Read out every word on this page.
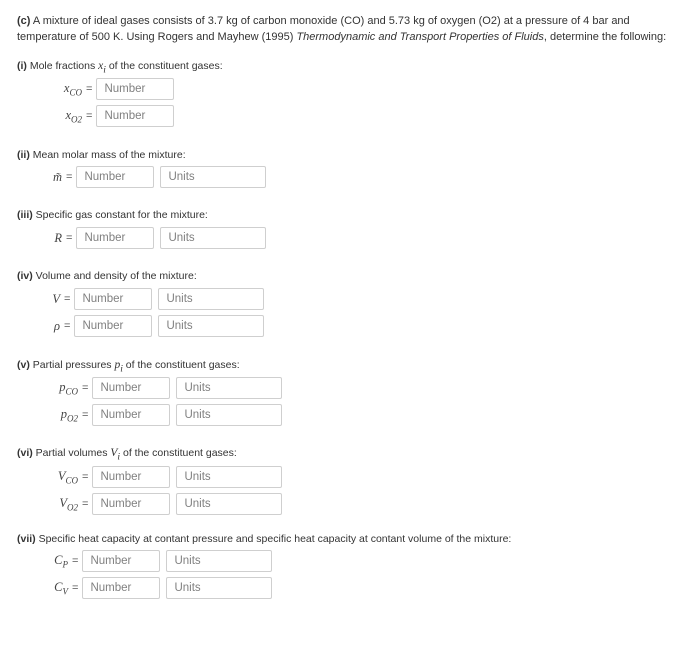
(c) A mixture of ideal gases consists of 3.7 kg of carbon monoxide (CO) and 5.73 kg of oxygen (O2) at a pressure of 4 bar and temperature of 500 K. Using Rogers and Mayhew (1995) Thermodynamic and Transport Properties of Fluids, determine the following:
(i) Mole fractions $x_i$ of the constituent gases:
$x_{CO}$ =
Number
$x_{O2}$ =
Number
(ii) Mean molar mass of the mixture:
m̃ =
Number
Units
(iii) Specific gas constant for the mixture:
R =
Number
Units
(iv) Volume and density of the mixture:
V =
Number
Units
ρ =
Number
Units
(v) Partial pressures $p_i$ of the constituent gases:
$p_{CO}$ =
Number
Units
$p_{O2}$ =
Number
Units
(vi) Partial volumes $V_i$ of the constituent gases:
$V_{CO}$ =
Number
Units
$V_{O2}$ =
Number
Units
(vii) Specific heat capacity at contant pressure and specific heat capacity at contant volume of the mixture:
$C_P$ =
Number
Units
$C_V$ =
Number
Units
